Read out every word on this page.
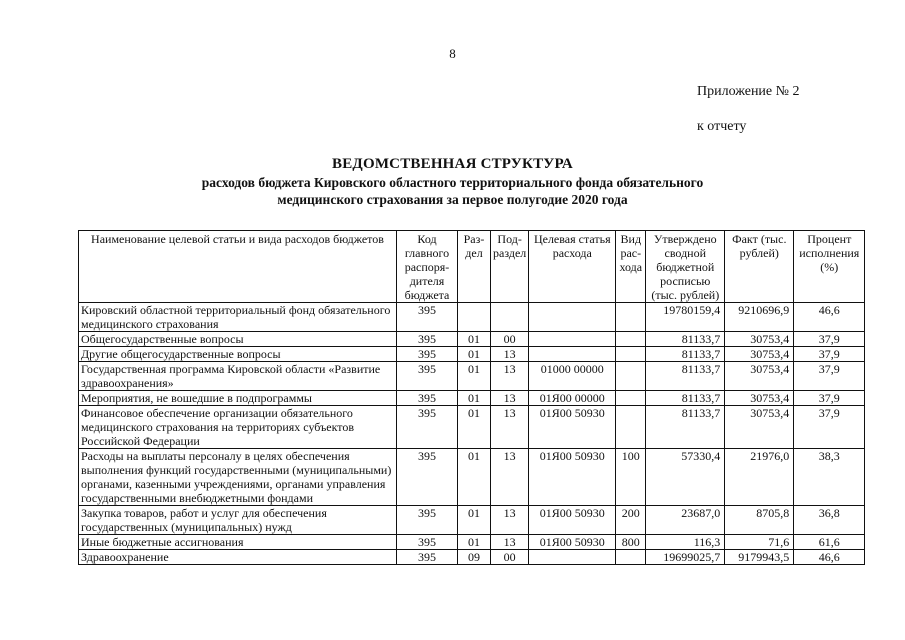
8
Приложение № 2
к отчету
ВЕДОМСТВЕННАЯ СТРУКТУРА
расходов бюджета Кировского областного территориального фонда обязательного
медицинского страхования за первое полугодие 2020 года
Наименование целевой статьи и вида расходов бюджетов	Код главного распоря-дителя бюджета	Раз-дел	Под-раздел	Целевая статья расхода	Вид рас-хода	Утверждено сводной бюджетной росписью (тыс. рублей)	Факт (тыс. рублей)	Процент исполнения (%)
Кировский областной территориальный фонд обязательного медицинского страхования	395					19780159,4	9210696,9	46,6
Общегосударственные вопросы	395	01	00			81133,7	30753,4	37,9
Другие общегосударственные вопросы	395	01	13			81133,7	30753,4	37,9
Государственная программа Кировской области «Развитие здравоохранения»	395	01	13	01000 00000		81133,7	30753,4	37,9
Мероприятия, не вошедшие в подпрограммы	395	01	13	01Я00 00000		81133,7	30753,4	37,9
Финансовое обеспечение организации обязательного медицинского страхования на территориях субъектов Российской Федерации	395	01	13	01Я00 50930		81133,7	30753,4	37,9
Расходы на выплаты персоналу в целях обеспечения выполнения функций государственными (муниципальными) органами, казенными учреждениями, органами управления государственными внебюджетными фондами	395	01	13	01Я00 50930	100	57330,4	21976,0	38,3
Закупка товаров, работ и услуг для обеспечения государственных (муниципальных) нужд	395	01	13	01Я00 50930	200	23687,0	8705,8	36,8
Иные бюджетные ассигнования	395	01	13	01Я00 50930	800	116,3	71,6	61,6
Здравоохранение	395	09	00			19699025,7	9179943,5	46,6
